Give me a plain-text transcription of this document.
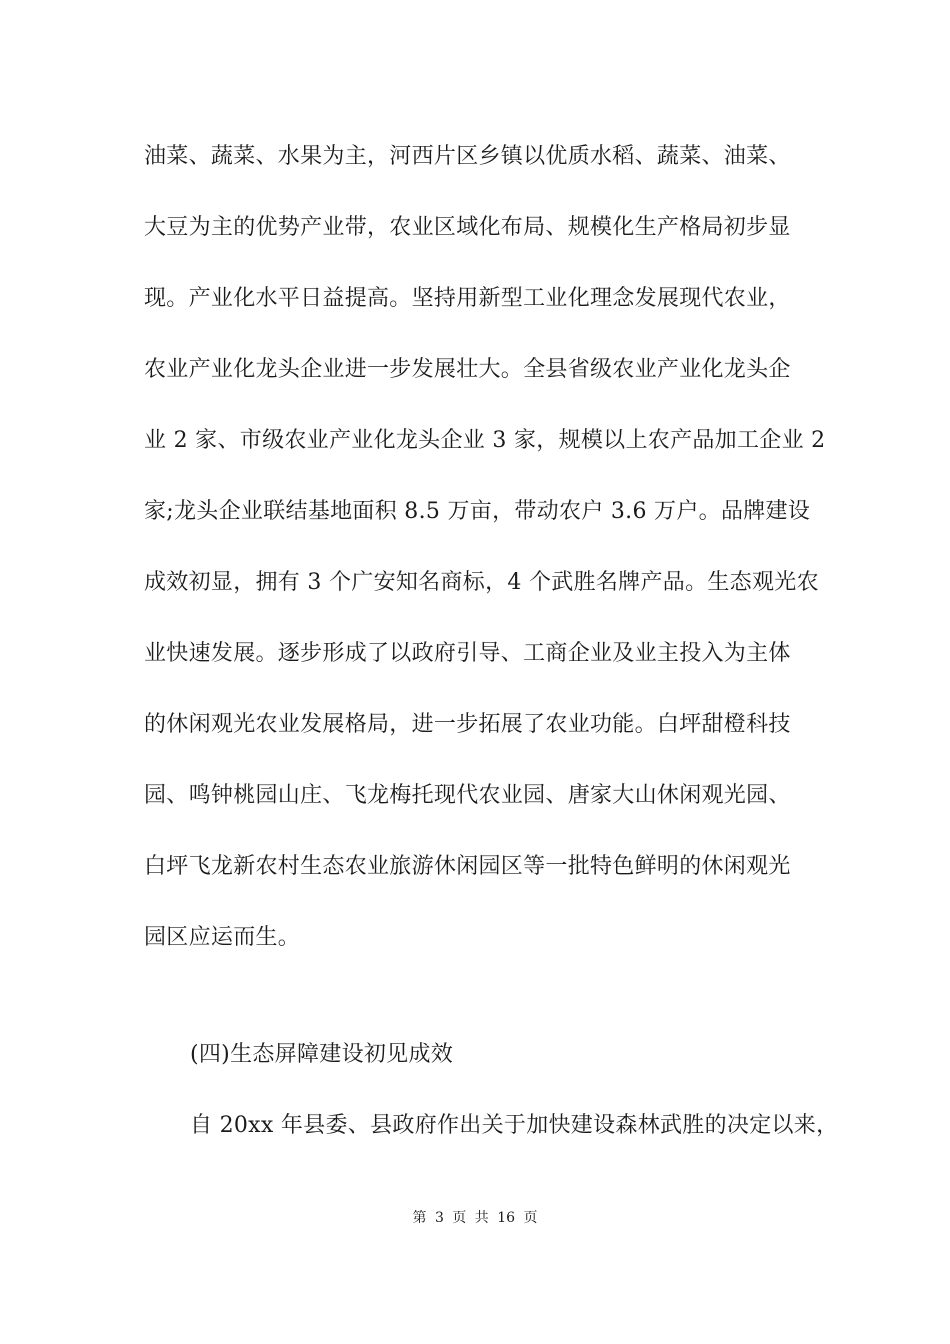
油菜、蔬菜、水果为主，河西片区乡镇以优质水稻、蔬菜、油菜、
大豆为主的优势产业带，农业区域化布局、规模化生产格局初步显
现。产业化水平日益提高。坚持用新型工业化理念发展现代农业，
农业产业化龙头企业进一步发展壮大。全县省级农业产业化龙头企
业 2 家、市级农业产业化龙头企业 3 家，规模以上农产品加工企业 2
家;龙头企业联结基地面积 8.5 万亩，带动农户 3.6 万户。品牌建设
成效初显，拥有 3 个广安知名商标，4 个武胜名牌产品。生态观光农
业快速发展。逐步形成了以政府引导、工商企业及业主投入为主体
的休闲观光农业发展格局，进一步拓展了农业功能。白坪甜橙科技
园、鸣钟桃园山庄、飞龙梅托现代农业园、唐家大山休闲观光园、
白坪飞龙新农村生态农业旅游休闲园区等一批特色鲜明的休闲观光
园区应运而生。
(四)生态屏障建设初见成效
自 20xx 年县委、县政府作出关于加快建设森林武胜的决定以来，
第 3 页 共 16 页
